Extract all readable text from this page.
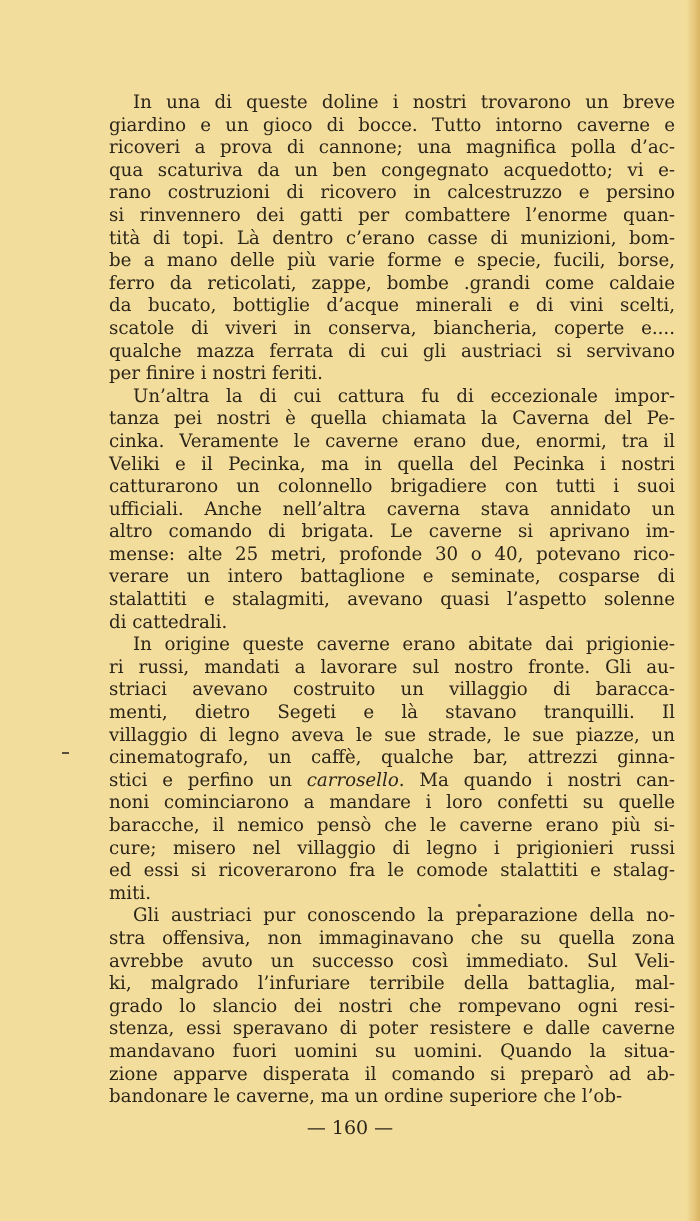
In una di queste doline i nostri trovarono un breve
giardino e un gioco di bocce. Tutto intorno caverne e
ricoveri a prova di cannone; una magnifica polla d’ac-
qua scaturiva da un ben congegnato acquedotto; vi e-
rano costruzioni di ricovero in calcestruzzo e persino
si rinvennero dei gatti per combattere l’enorme quan-
tità di topi. Là dentro c’erano casse di munizioni, bom-
be a mano delle più varie forme e specie, fucili, borse,
ferro da reticolati, zappe, bombe .grandi come caldaie
da bucato, bottiglie d’acque minerali e di vini scelti,
scatole di viveri in conserva, biancheria, coperte e....
qualche mazza ferrata di cui gli austriaci si servivano
per finire i nostri feriti.
Un’altra la di cui cattura fu di eccezionale impor-
tanza pei nostri è quella chiamata la Caverna del Pe-
cinka. Veramente le caverne erano due, enormi, tra il
Veliki e il Pecinka, ma in quella del Pecinka i nostri
catturarono un colonnello brigadiere con tutti i suoi
ufficiali. Anche nell’altra caverna stava annidato un
altro comando di brigata. Le caverne si aprivano im-
mense: alte 25 metri, profonde 30 o 40, potevano rico-
verare un intero battaglione e seminate, cosparse di
stalattiti e stalagmiti, avevano quasi l’aspetto solenne
di cattedrali.
In origine queste caverne erano abitate dai prigionie-
ri russi, mandati a lavorare sul nostro fronte. Gli au-
striaci avevano costruito un villaggio di baracca-
menti, dietro Segeti e là stavano tranquilli. Il
villaggio di legno aveva le sue strade, le sue piazze, un
cinematografo, un caffè, qualche bar, attrezzi ginna-
stici e perfino un carrosello. Ma quando i nostri can-
noni cominciarono a mandare i loro confetti su quelle
baracche, il nemico pensò che le caverne erano più si-
cure; misero nel villaggio di legno i prigionieri russi
ed essi si ricoverarono fra le comode stalattiti e stalag-
miti.
Gli austriaci pur conoscendo la preparazione della no-
stra offensiva, non immaginavano che su quella zona
avrebbe avuto un successo così immediato. Sul Veli-
ki, malgrado l’infuriare terribile della battaglia, mal-
grado lo slancio dei nostri che rompevano ogni resi-
stenza, essi speravano di poter resistere e dalle caverne
mandavano fuori uomini su uomini. Quando la situa-
zione apparve disperata il comando si preparò ad ab-
bandonare le caverne, ma un ordine superiore che l’ob-
— 160 —
